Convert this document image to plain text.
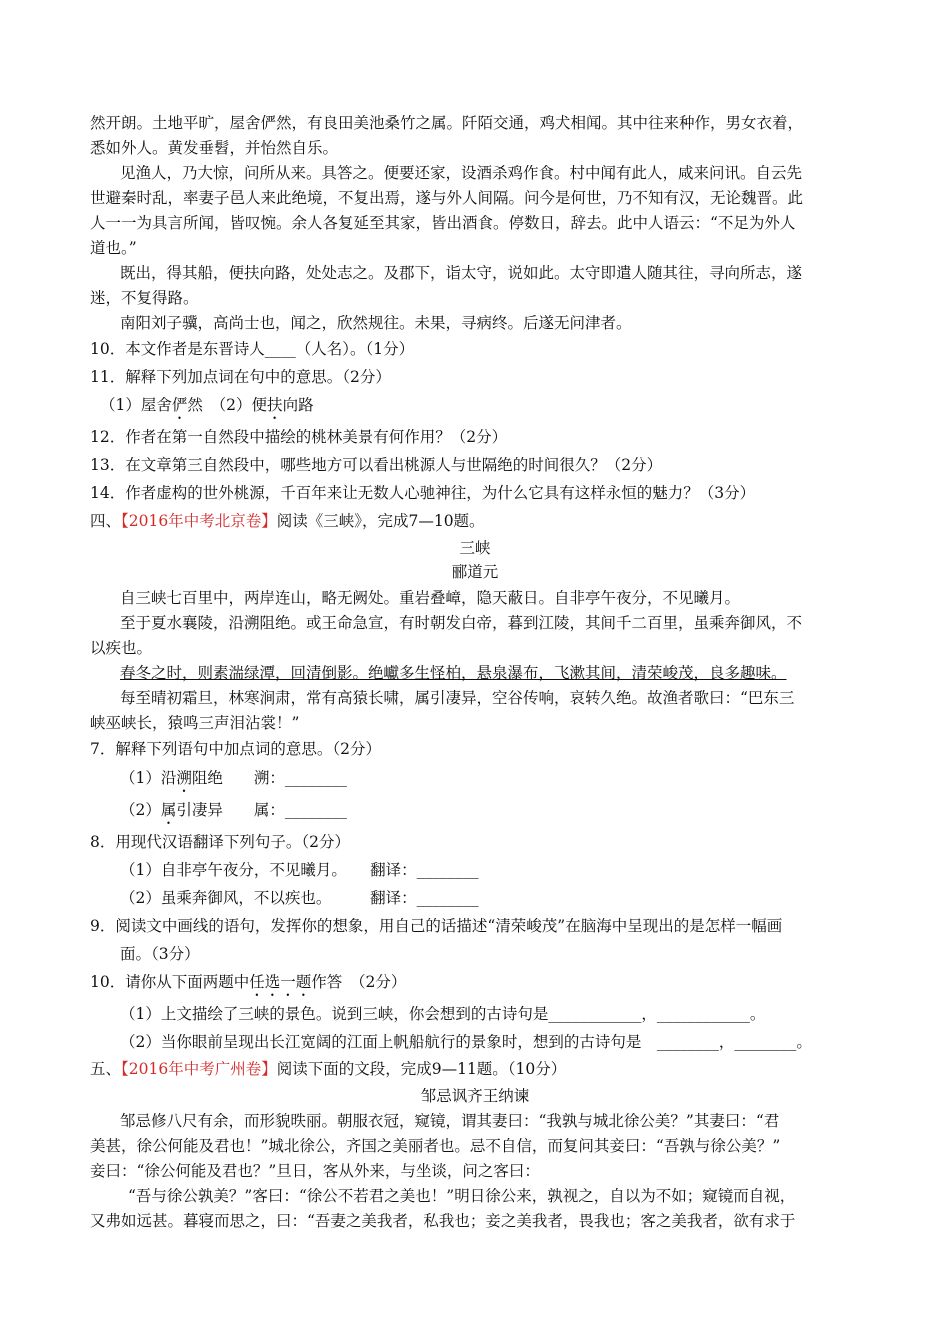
然开朗。土地平旷，屋舍俨然，有良田美池桑竹之属。阡陌交通，鸡犬相闻。其中往来种作，男女衣着，
悉如外人。黄发垂髫，并怡然自乐。
见渔人，乃大惊，问所从来。具答之。便要还家，设酒杀鸡作食。村中闻有此人，咸来问讯。自云先
世避秦时乱，率妻子邑人来此绝境，不复出焉，遂与外人间隔。问今是何世，乃不知有汉，无论魏晋。此
人一一为具言所闻，皆叹惋。余人各复延至其家，皆出酒食。停数日，辞去。此中人语云：“不足为外人
道也。”
既出，得其船，便扶向路，处处志之。及郡下，诣太守，说如此。太守即遣人随其往，寻向所志，遂
迷，不复得路。
南阳刘子骥，高尚士也，闻之，欣然规往。未果，寻病终。后遂无问津者。
10．本文作者是东晋诗人____（人名）。（1分）
11．解释下列加点词在句中的意思。（2分）
（1）屋舍俨然　 （2）便扶向路
12．作者在第一自然段中描绘的桃林美景有何作用？（2分）
13．在文章第三自然段中，哪些地方可以看出桃源人与世隔绝的时间很久？（2分）
14．作者虚构的世外桃源，千百年来让无数人心驰神往，为什么它具有这样永恒的魅力？（3分）
四、【2016年中考北京卷】阅读《三峡》，完成7—10题。
三峡
郦道元
自三峡七百里中，两岸连山，略无阙处。重岩叠嶂，隐天蔽日。自非亭午夜分，不见曦月。
至于夏水襄陵，沿溯阻绝。或王命急宣，有时朝发白帝，暮到江陵，其间千二百里，虽乘奔御风，不
以疾也。
春冬之时，则素湍绿潭，回清倒影。绝巘多生怪柏，悬泉瀑布，飞漱其间，清荣峻茂，良多趣味。
每至晴初霜旦，林寒涧肃，常有高猿长啸，属引凄异，空谷传响，哀转久绝。故渔者歌曰：“巴东三
峡巫峡长，猿鸣三声泪沾裳！”
7．解释下列语句中加点词的意思。（2分）
（1）沿溯阻绝　　溯：________
（2）属引凄异　　属：________
8．用现代汉语翻译下列句子。（2分）
（1）自非亭午夜分，不见曦月。　　翻译：________
（2）虽乘奔御风，不以疾也。　　　翻译：________
9．阅读文中画线的语句，发挥你的想象，用自己的话描述“清荣峻茂”在脑海中呈现出的是怎样一幅画
面。（3分）
10．请你从下面两题中任选一题作答　（2分）
（1）上文描绘了三峡的景色。说到三峡，你会想到的古诗句是____________，____________。
（2）当你眼前呈现出长江宽阔的江面上帆船航行的景象时，想到的古诗句是　________，________。
五、【2016年中考广州卷】阅读下面的文段，完成9—11题。（10分）
邹忌讽齐王纳谏
邹忌修八尺有余，而形貌昳丽。朝服衣冠，窥镜，谓其妻曰：“我孰与城北徐公美？”其妻曰：“君
美甚，徐公何能及君也！”城北徐公，齐国之美丽者也。忌不自信，而复问其妾曰：“吾孰与徐公美？”
妾曰：“徐公何能及君也？”旦日，客从外来，与坐谈，问之客曰：
“吾与徐公孰美？”客曰：“徐公不若君之美也！”明日徐公来，孰视之，自以为不如；窥镜而自视，
又弗如远甚。暮寝而思之，曰：“吾妻之美我者，私我也；妾之美我者，畏我也；客之美我者，欲有求于
